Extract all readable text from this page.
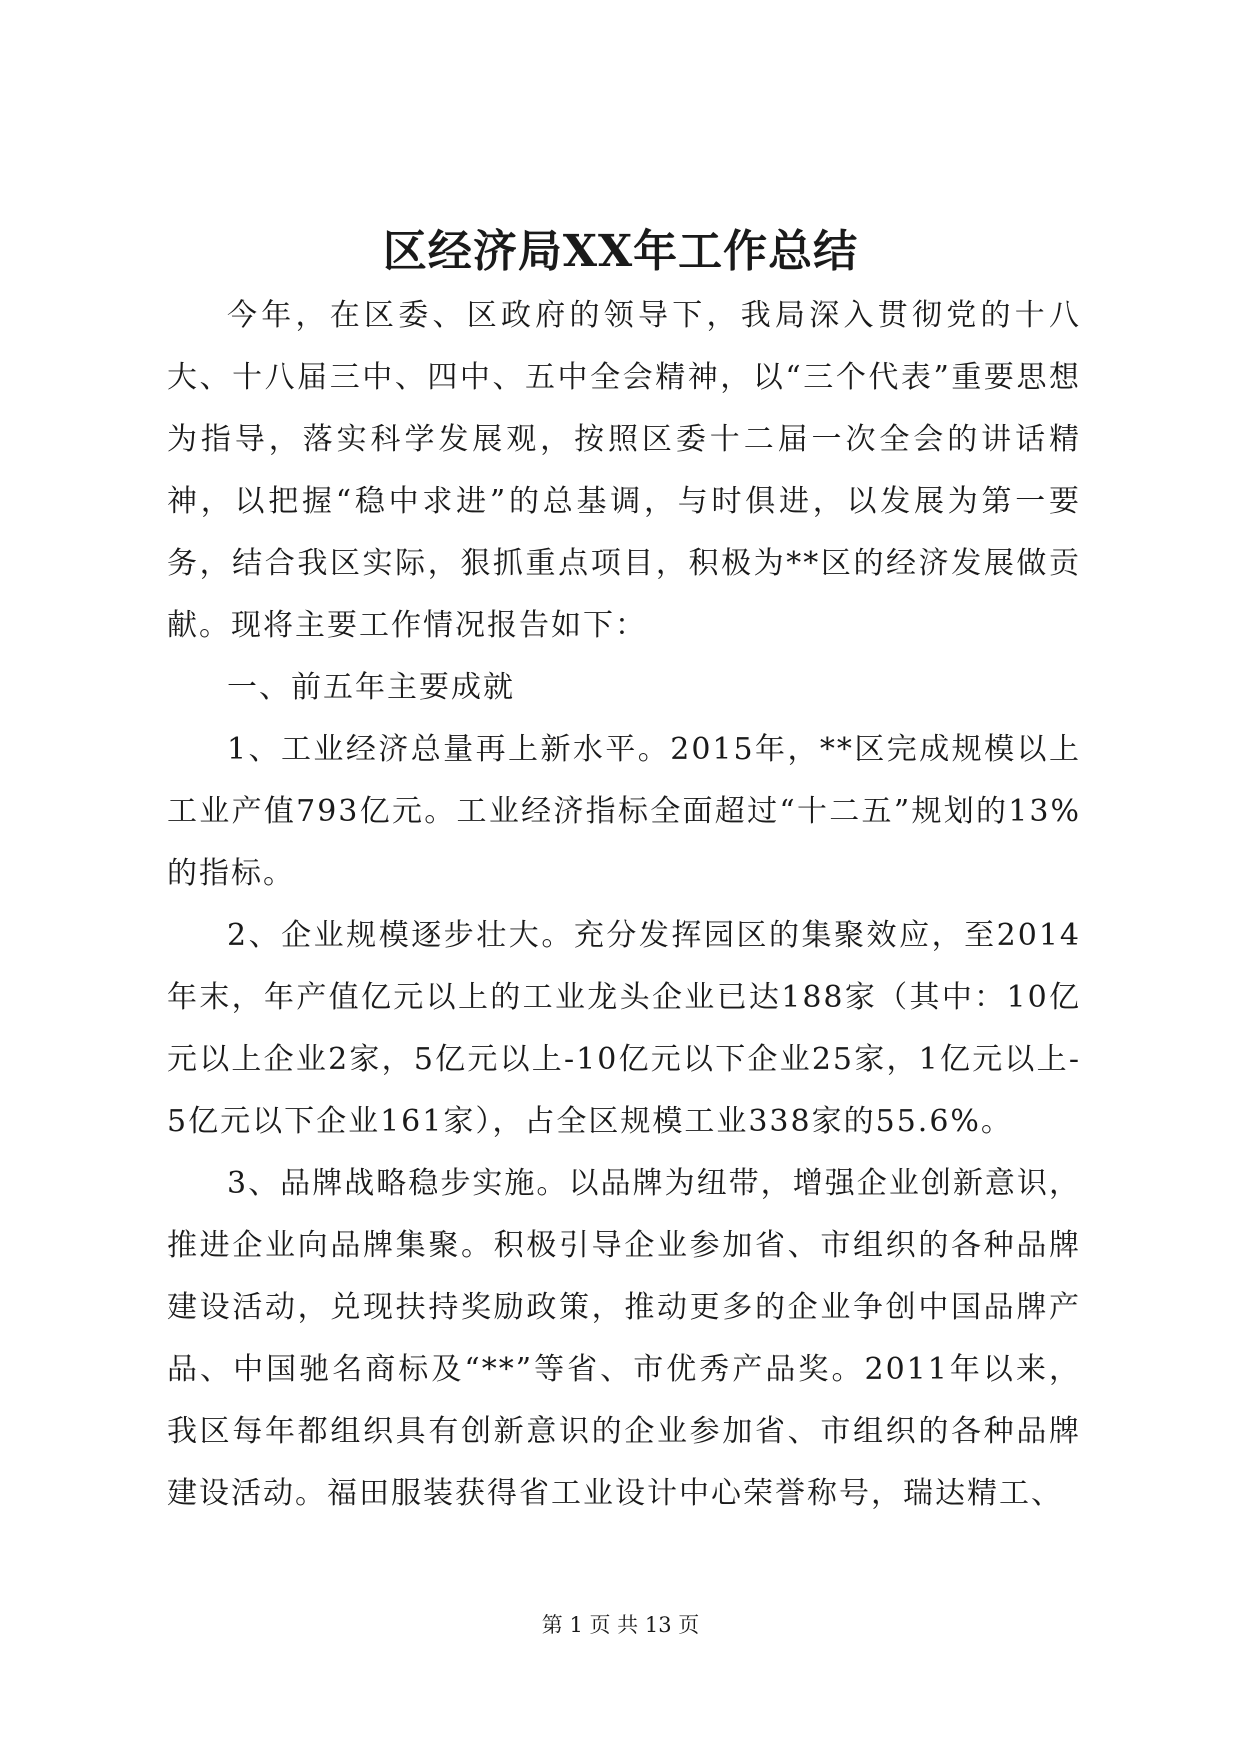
区经济局XX年工作总结

今年，在区委、区政府的领导下，我局深入贯彻党的十八大、十八届三中、四中、五中全会精神，以“三个代表”重要思想为指导，落实科学发展观，按照区委十二届一次全会的讲话精神，以把握“稳中求进”的总基调，与时俱进，以发展为第一要务，结合我区实际，狠抓重点项目，积极为**区的经济发展做贡献。现将主要工作情况报告如下：

一、前五年主要成就

1、工业经济总量再上新水平。2015年，**区完成规模以上工业产值793亿元。工业经济指标全面超过“十二五”规划的13%的指标。

2、企业规模逐步壮大。充分发挥园区的集聚效应，至2014年末，年产值亿元以上的工业龙头企业已达188家（其中：10亿元以上企业2家，5亿元以上-10亿元以下企业25家，1亿元以上-5亿元以下企业161家），占全区规模工业338家的55.6%。

3、品牌战略稳步实施。以品牌为纽带，增强企业创新意识，推进企业向品牌集聚。积极引导企业参加省、市组织的各种品牌建设活动，兑现扶持奖励政策，推动更多的企业争创中国品牌产品、中国驰名商标及“**”等省、市优秀产品奖。2011年以来，我区每年都组织具有创新意识的企业参加省、市组织的各种品牌建设活动。福田服装获得省工业设计中心荣誉称号，瑞达精工、

第 1 页 共 13 页
